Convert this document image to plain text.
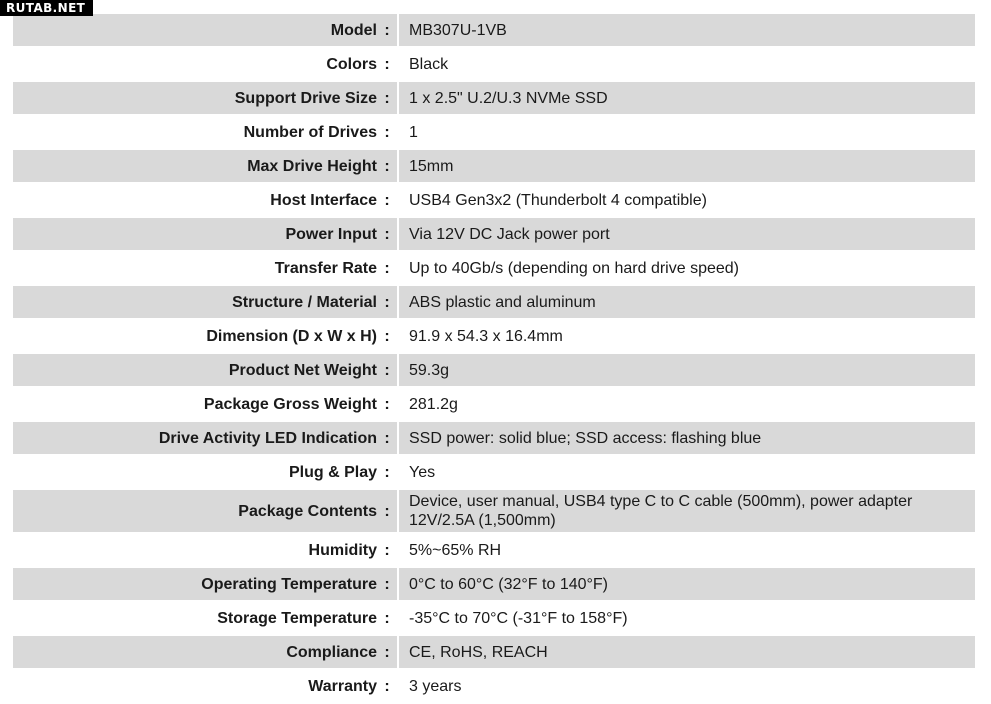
RUTAB.NET
Model :	MB307U-1VB
Colors :	Black
Support Drive Size :	1 x 2.5" U.2/U.3 NVMe SSD
Number of Drives :	1
Max Drive Height :	15mm
Host Interface :	USB4 Gen3x2 (Thunderbolt 4 compatible)
Power Input :	Via 12V DC Jack power port
Transfer Rate :	Up to 40Gb/s (depending on hard drive speed)
Structure / Material :	ABS plastic and aluminum
Dimension (D x W x H) :	91.9 x 54.3 x 16.4mm
Product Net Weight :	59.3g
Package Gross Weight :	281.2g
Drive Activity LED Indication :	SSD power: solid blue; SSD access: flashing blue
Plug & Play :	Yes
Package Contents :
Device, user manual, USB4 type C to C cable (500mm), power adapter
12V/2.5A (1,500mm)
Humidity :	5%~65% RH
Operating Temperature :	0°C to 60°C (32°F to 140°F)
Storage Temperature :	-35°C to 70°C (-31°F to 158°F)
Compliance :	CE, RoHS, REACH
Warranty :	3 years
